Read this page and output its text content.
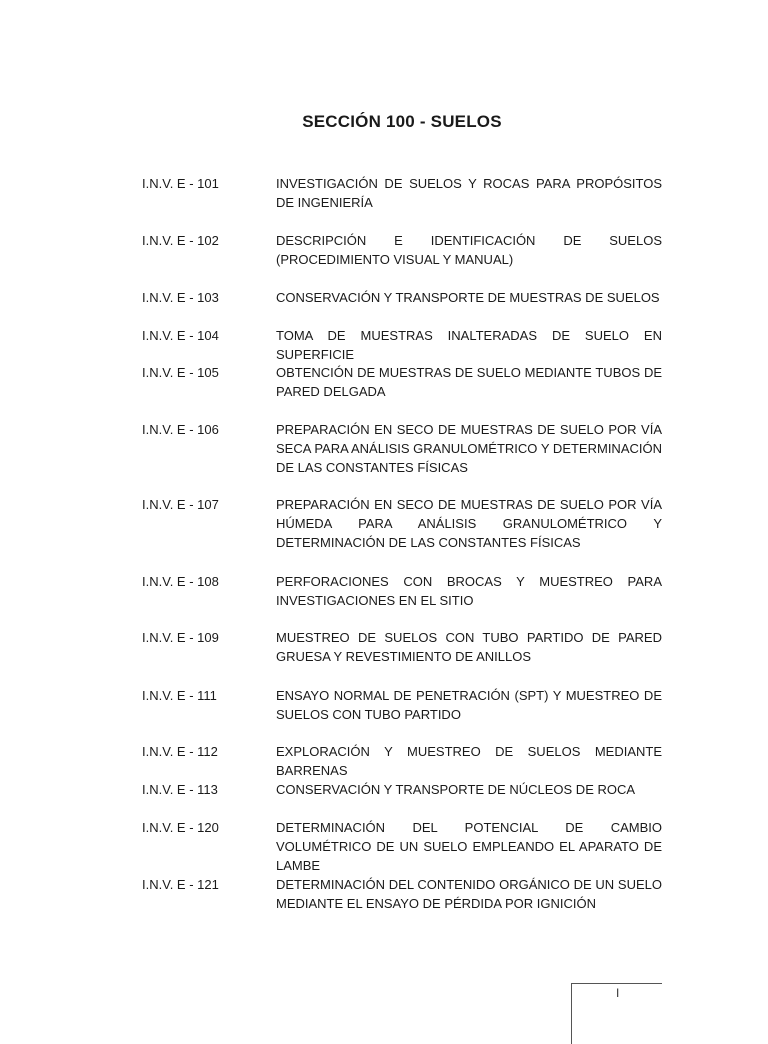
SECCIÓN 100 - SUELOS
I.N.V. E - 101	INVESTIGACIÓN DE SUELOS Y ROCAS PARA PROPÓSITOS DE INGENIERÍA
I.N.V. E - 102	DESCRIPCIÓN E IDENTIFICACIÓN DE SUELOS (PROCEDIMIENTO VISUAL Y MANUAL)
I.N.V. E - 103	CONSERVACIÓN Y TRANSPORTE DE MUESTRAS DE SUELOS
I.N.V. E - 104	TOMA DE MUESTRAS INALTERADAS DE SUELO EN SUPERFICIE
I.N.V. E - 105	OBTENCIÓN DE MUESTRAS DE SUELO MEDIANTE TUBOS DE PARED DELGADA
I.N.V. E - 106	PREPARACIÓN EN SECO DE MUESTRAS DE SUELO POR VÍA SECA PARA ANÁLISIS GRANULOMÉTRICO Y DETERMINACIÓN DE LAS CONSTANTES FÍSICAS
I.N.V. E - 107	PREPARACIÓN EN SECO DE MUESTRAS DE SUELO POR VÍA HÚMEDA PARA ANÁLISIS GRANULOMÉTRICO Y DETERMINACIÓN DE LAS CONSTANTES FÍSICAS
I.N.V. E - 108	PERFORACIONES CON BROCAS Y MUESTREO PARA INVESTIGACIONES EN EL SITIO
I.N.V. E - 109	MUESTREO DE SUELOS CON TUBO PARTIDO DE PARED GRUESA Y REVESTIMIENTO DE ANILLOS
I.N.V. E - 111	ENSAYO NORMAL DE PENETRACIÓN (SPT) Y MUESTREO DE SUELOS CON TUBO PARTIDO
I.N.V. E - 112	EXPLORACIÓN Y MUESTREO DE SUELOS MEDIANTE BARRENAS
I.N.V. E - 113	CONSERVACIÓN Y TRANSPORTE DE NÚCLEOS DE ROCA
I.N.V. E - 120	DETERMINACIÓN DEL POTENCIAL DE CAMBIO VOLUMÉTRICO DE UN SUELO EMPLEANDO EL APARATO DE LAMBE
I.N.V. E - 121	DETERMINACIÓN DEL CONTENIDO ORGÁNICO DE UN SUELO MEDIANTE EL ENSAYO DE PÉRDIDA POR IGNICIÓN
I
